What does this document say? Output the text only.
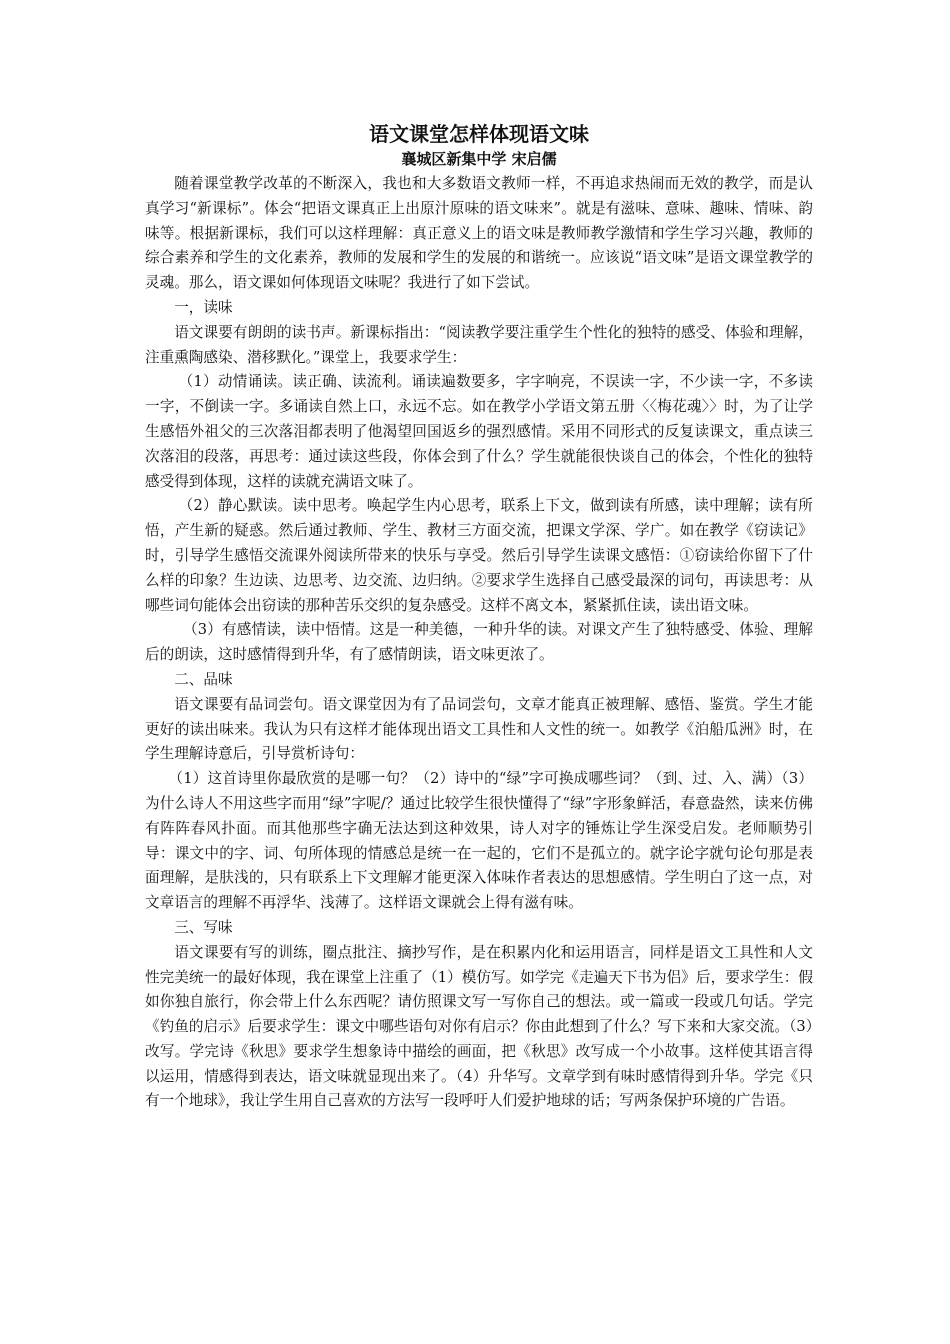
语文课堂怎样体现语文味
襄城区新集中学 宋启儒

随着课堂教学改革的不断深入，我也和大多数语文教师一样，不再追求热闹而无效的教学，而是认真学习“新课标”。体会“把语文课真正上出原汁原味的语文味来”。就是有滋味、意味、趣味、情味、韵味等。根据新课标，我们可以这样理解：真正意义上的语文味是教师教学激情和学生学习兴趣，教师的综合素养和学生的文化素养，教师的发展和学生的发展的和谐统一。应该说“语文味”是语文课堂教学的灵魂。那么，语文课如何体现语文味呢？我进行了如下尝试。

一，读味

语文课要有朗朗的读书声。新课标指出：“阅读教学要注重学生个性化的独特的感受、体验和理解，注重熏陶感染、潜移默化。”课堂上，我要求学生：

（1）动情诵读。读正确、读流利。诵读遍数要多，字字响亮，不误读一字，不少读一字，不多读一字，不倒读一字。多诵读自然上口，永远不忘。如在教学小学语文第五册〈〈梅花魂〉〉时，为了让学生感悟外祖父的三次落泪都表明了他渴望回国返乡的强烈感情。采用不同形式的反复读课文，重点读三次落泪的段落，再思考：通过读这些段，你体会到了什么？学生就能很快谈自己的体会，个性化的独特感受得到体现，这样的读就充满语文味了。

（2）静心默读。读中思考。唤起学生内心思考，联系上下文，做到读有所感，读中理解；读有所悟，产生新的疑惑。然后通过教师、学生、教材三方面交流，把课文学深、学广。如在教学《窃读记》时，引导学生感悟交流课外阅读所带来的快乐与享受。然后引导学生读课文感悟：①窃读给你留下了什么样的印象？生边读、边思考、边交流、边归纳。②要求学生选择自己感受最深的词句，再读思考：从哪些词句能体会出窃读的那种苦乐交织的复杂感受。这样不离文本，紧紧抓住读，读出语文味。

（3）有感情读，读中悟情。这是一种美德，一种升华的读。对课文产生了独特感受、体验、理解后的朗读，这时感情得到升华，有了感情朗读，语文味更浓了。

二、品味

语文课要有品词尝句。语文课堂因为有了品词尝句，文章才能真正被理解、感悟、鉴赏。学生才能更好的读出味来。我认为只有这样才能体现出语文工具性和人文性的统一。如教学《泊船瓜洲》时，在学生理解诗意后，引导赏析诗句：

（1）这首诗里你最欣赏的是哪一句？（2）诗中的“绿”字可换成哪些词？（到、过、入、满）（3）为什么诗人不用这些字而用“绿”字呢/？通过比较学生很快懂得了“绿”字形象鲜活，春意盎然，读来仿佛有阵阵春风扑面。而其他那些字确无法达到这种效果，诗人对字的锤炼让学生深受启发。老师顺势引导：课文中的字、词、句所体现的情感总是统一在一起的，它们不是孤立的。就字论字就句论句那是表面理解，是肤浅的，只有联系上下文理解才能更深入体味作者表达的思想感情。学生明白了这一点，对文章语言的理解不再浮华、浅薄了。这样语文课就会上得有滋有味。

三、写味

语文课要有写的训练，圈点批注、摘抄写作，是在积累内化和运用语言，同样是语文工具性和人文性完美统一的最好体现，我在课堂上注重了（1）模仿写。如学完《走遍天下书为侣》后，要求学生：假如你独自旅行，你会带上什么东西呢？请仿照课文写一写你自己的想法。或一篇或一段或几句话。学完《钓鱼的启示》后要求学生：课文中哪些语句对你有启示？你由此想到了什么？写下来和大家交流。（3）改写。学完诗《秋思》要求学生想象诗中描绘的画面，把《秋思》改写成一个小故事。这样使其语言得以运用，情感得到表达，语文味就显现出来了。（4）升华写。文章学到有味时感情得到升华。学完《只有一个地球》，我让学生用自己喜欢的方法写一段呼吁人们爱护地球的话；写两条保护环境的广告语。
